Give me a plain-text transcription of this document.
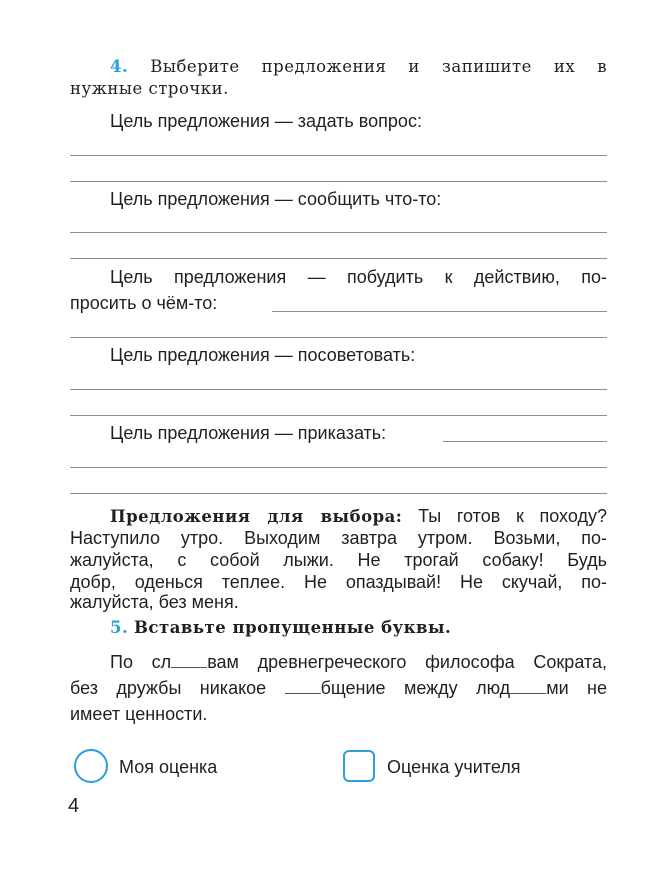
4. Выберите предложения и запишите их в
нужные строчки.
Цель предложения — задать вопрос:
Цель предложения — сообщить что-то:
Цель предложения — побудить к действию, по-
просить о чём-то:
Цель предложения — посоветовать:
Цель предложения — приказать:
Предложения для выбора: Ты готов к походу?
Наступило утро. Выходим завтра утром. Возьми, по-
жалуйста, с собой лыжи. Не трогай собаку! Будь
добр, оденься теплее. Не опаздывай! Не скучай, по-
жалуйста, без меня.
5. Вставьте пропущенные буквы.
По сл вам древнегреческого философа Сократа,
без дружбы никакое бщение между люд ми не
имеет ценности.
Моя оценка	Оценка учителя
4
